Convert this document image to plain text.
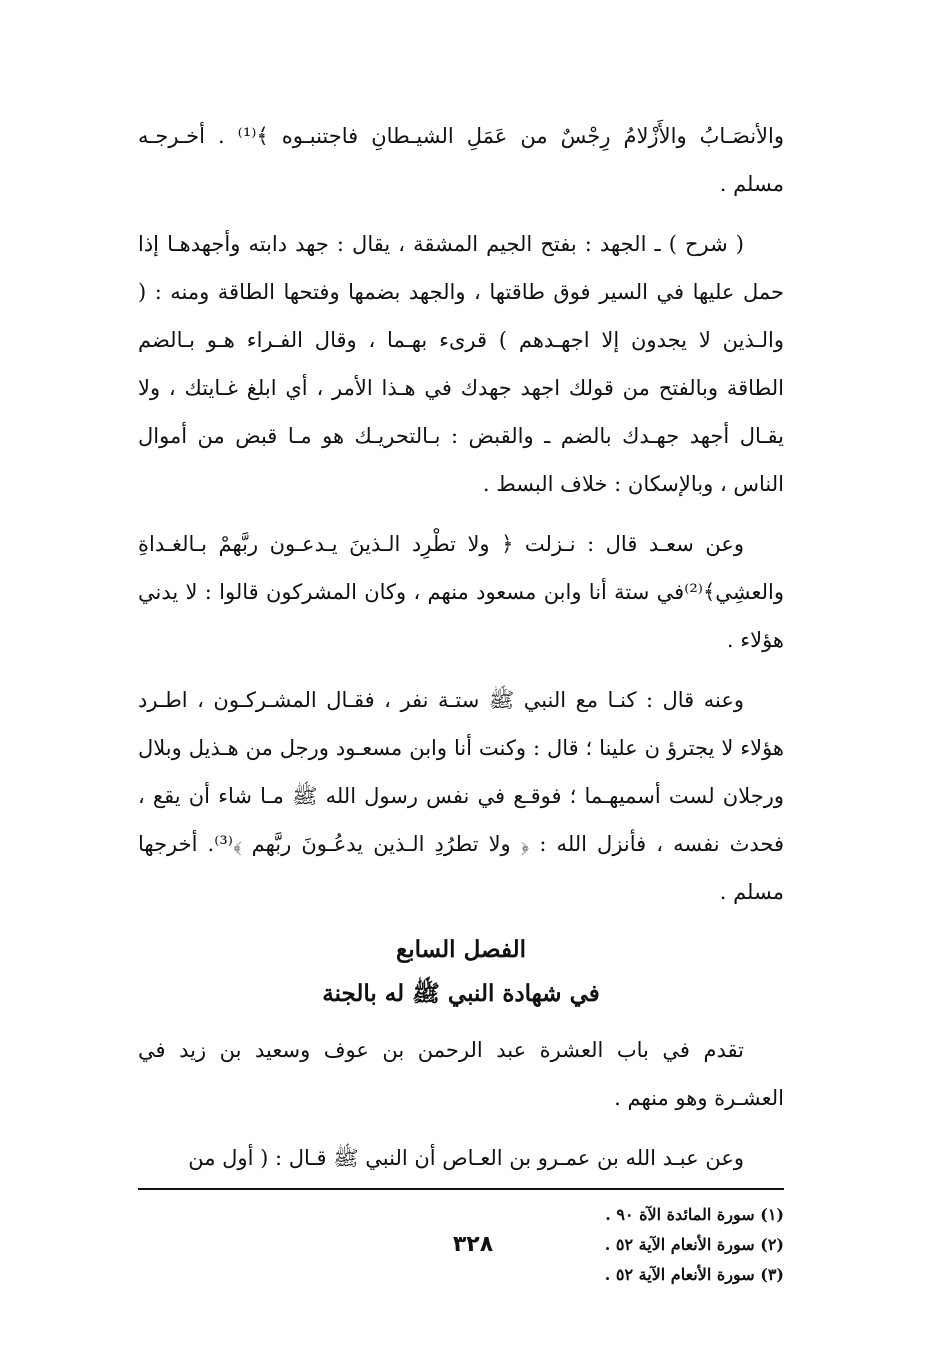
والأنصَـابُ والأَزْلامُ رِجْسٌ من عَمَلِ الشيـطانِ فاجتنبـوه ﴾⁽¹⁾ . أخـرجـه مسلم .

( شرح ) ـ الجهد : بفتح الجيم المشقة ، يقال : جهد دابته وأجهدهـا إذا حمل عليها في السير فوق طاقتها ، والجهد بضمها وفتحها الطاقة ومنه : ( والـذين لا يجدون إلا اجهـدهم ) قرىء بهـما ، وقال الفـراء هـو بـالضم الطاقة وبالفتح من قولك اجهد جهدك في هـذا الأمر ، أي ابلغ غـايتك ، ولا يقـال أجهد جهـدك بالضم ـ والقبض : بـالتحريـك هو مـا قبض من أموال الناس ، وبالإسكان : خلاف البسط .

وعن سعـد قال : نـزلت ﴿ ولا تطْرِد الـذينَ يـدعـون ربَّهمْ بـالغـداةِ والعشِي﴾⁽²⁾في ستة أنا وابن مسعود منهم ، وكان المشركون قالوا : لا يدني هؤلاء .

وعنه قال : كنـا مع النبي ﷺ ستـة نفر ، فقـال المشـركـون ، اطـرد هؤلاء لا يجترؤ ن علينا ؛ قال : وكنت أنا وابن مسعـود ورجل من هـذيل وبلال ورجلان لست أسميهـما ؛ فوقـع في نفس رسول الله ﷺ مـا شاء أن يقع ، فحدث نفسه ، فأنزل الله : ﴿ ولا تطرُدِ الـذين يدعُـونَ ربَّهم ﴾⁽³⁾. أخرجها مسلم .

الفصل السابع

في شهادة النبي ﷺ له بالجنة

تقدم في باب العشرة عبد الرحمن بن عوف وسعيد بن زيد في العشـرة وهو منهم .

وعن عبـد الله بن عمـرو بن العـاص أن النبي ﷺ قـال : ( أول من

(١) سورة المائدة الآة ٩٠ .

(٢) سورة الأنعام الآية ٥٢ .

(٣) سورة الأنعام الآية ٥٢ .

٣٢٨
